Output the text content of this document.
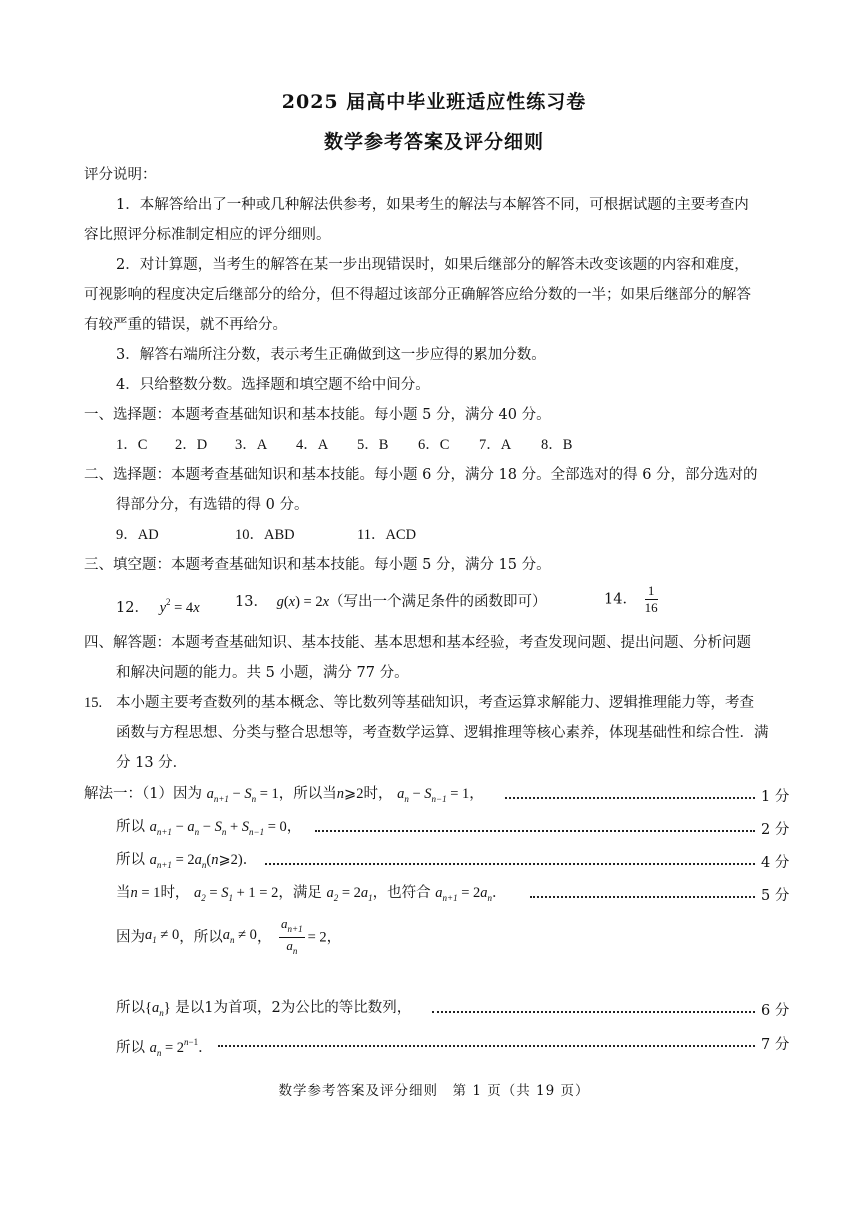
2025 届高中毕业班适应性练习卷
数学参考答案及评分细则
评分说明：
1．本解答给出了一种或几种解法供参考，如果考生的解法与本解答不同，可根据试题的主要考查内
容比照评分标准制定相应的评分细则。
2．对计算题，当考生的解答在某一步出现错误时，如果后继部分的解答未改变该题的内容和难度，
可视影响的程度决定后继部分的给分，但不得超过该部分正确解答应给分数的一半；如果后继部分的解答
有较严重的错误，就不再给分。
3．解答右端所注分数，表示考生正确做到这一步应得的累加分数。
4．只给整数分数。选择题和填空题不给中间分。
一、选择题：本题考查基础知识和基本技能。每小题 5 分，满分 40 分。
1．C 2．D 3．A 4．A 5．B 6．C 7．A 8．B
二、选择题：本题考查基础知识和基本技能。每小题 6 分，满分 18 分。全部选对的得 6 分，部分选对的
得部分分，有选错的得 0 分。
9．AD	10．ABD	11．ACD
三、填空题：本题考查基础知识和基本技能。每小题 5 分，满分 15 分。
12． $y^2 = 4x$ 13． g(x) = 2x（写出一个满足条件的函数即可）	14． $\frac{1}{16}$
四、解答题：本题考查基础知识、基本技能、基本思想和基本经验，考查发现问题、提出问题、分析问题
和解决问题的能力。共 5 小题，满分 77 分。
15. 本小题主要考查数列的基本概念、等比数列等基础知识，考查运算求解能力、逻辑推理能力等，考查
函数与方程思想、分类与整合思想等，考查数学运算、逻辑推理等核心素养，体现基础性和综合性．满
分 13 分．
解法一：（1）因为 $a_{n+1} - S_n = 1$，所以当n⩾2时， $a_n - S_{n-1} = 1$，	1 分
所以 $a_{n+1} - a_n - S_n + S_{n-1} = 0$，	2 分
所以 $a_{n+1}$ = $2a_n(n⩾2)$．	4 分
当n = 1时， $a_2 = S_1 + 1 = 2$，满足 $a_2 = 2a_1$，也符合 $a_{n+1} = 2a_n$．	5 分
因为$a_1 \ne 0$，所以$a_n \ne 0$， $\frac{a_{n+1}}{a_n} = 2$，
所以$\{a_n\}$ 是以1为首项，2为公比的等比数列，	6 分
所以 $a_n = 2^{n-1}$．	7 分
数学参考答案及评分细则　第 1 页（共 19 页）
